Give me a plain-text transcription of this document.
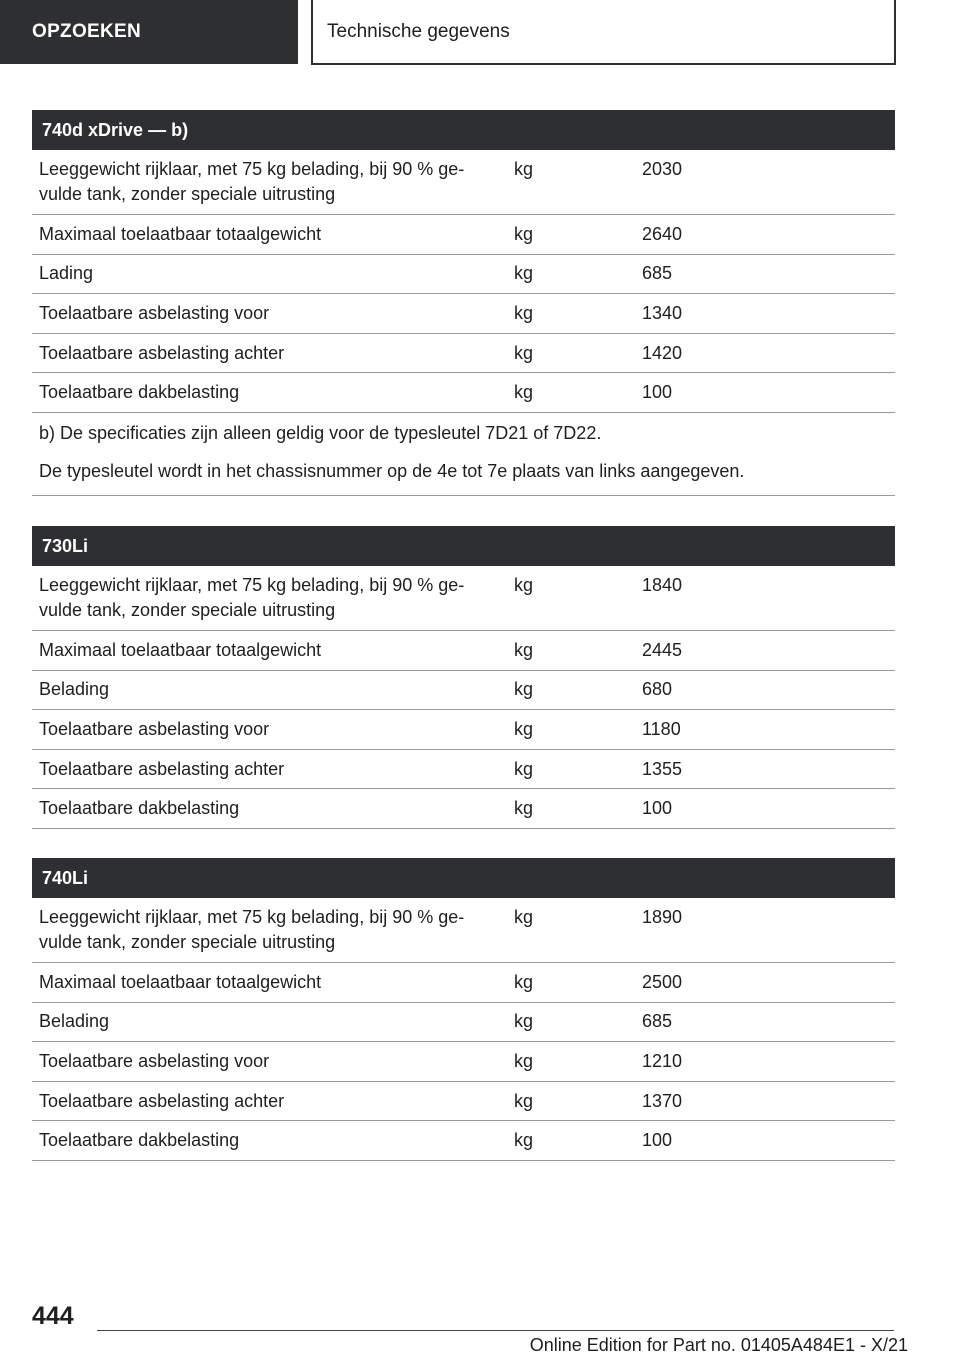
OPZOEKEN	Technische gegevens
740d xDrive — b)
Leeggewicht rijklaar, met 75 kg belading, bij 90 % ge-
vulde tank, zonder speciale uitrusting
kg	2030
Maximaal toelaatbaar totaalgewicht	kg	2640
Lading	kg	685
Toelaatbare asbelasting voor	kg	1340
Toelaatbare asbelasting achter	kg	1420
Toelaatbare dakbelasting	kg	100
b) De specificaties zijn alleen geldig voor de typesleutel 7D21 of 7D22.
De typesleutel wordt in het chassisnummer op de 4e tot 7e plaats van links aangegeven.
730Li
Leeggewicht rijklaar, met 75 kg belading, bij 90 % ge-
vulde tank, zonder speciale uitrusting
kg	1840
Maximaal toelaatbaar totaalgewicht	kg	2445
Belading	kg	680
Toelaatbare asbelasting voor	kg	1180
Toelaatbare asbelasting achter	kg	1355
Toelaatbare dakbelasting	kg	100
740Li
Leeggewicht rijklaar, met 75 kg belading, bij 90 % ge-
vulde tank, zonder speciale uitrusting
kg	1890
Maximaal toelaatbaar totaalgewicht	kg	2500
Belading	kg	685
Toelaatbare asbelasting voor	kg	1210
Toelaatbare asbelasting achter	kg	1370
Toelaatbare dakbelasting	kg	100
444
Online Edition for Part no. 01405A484E1 - X/21
